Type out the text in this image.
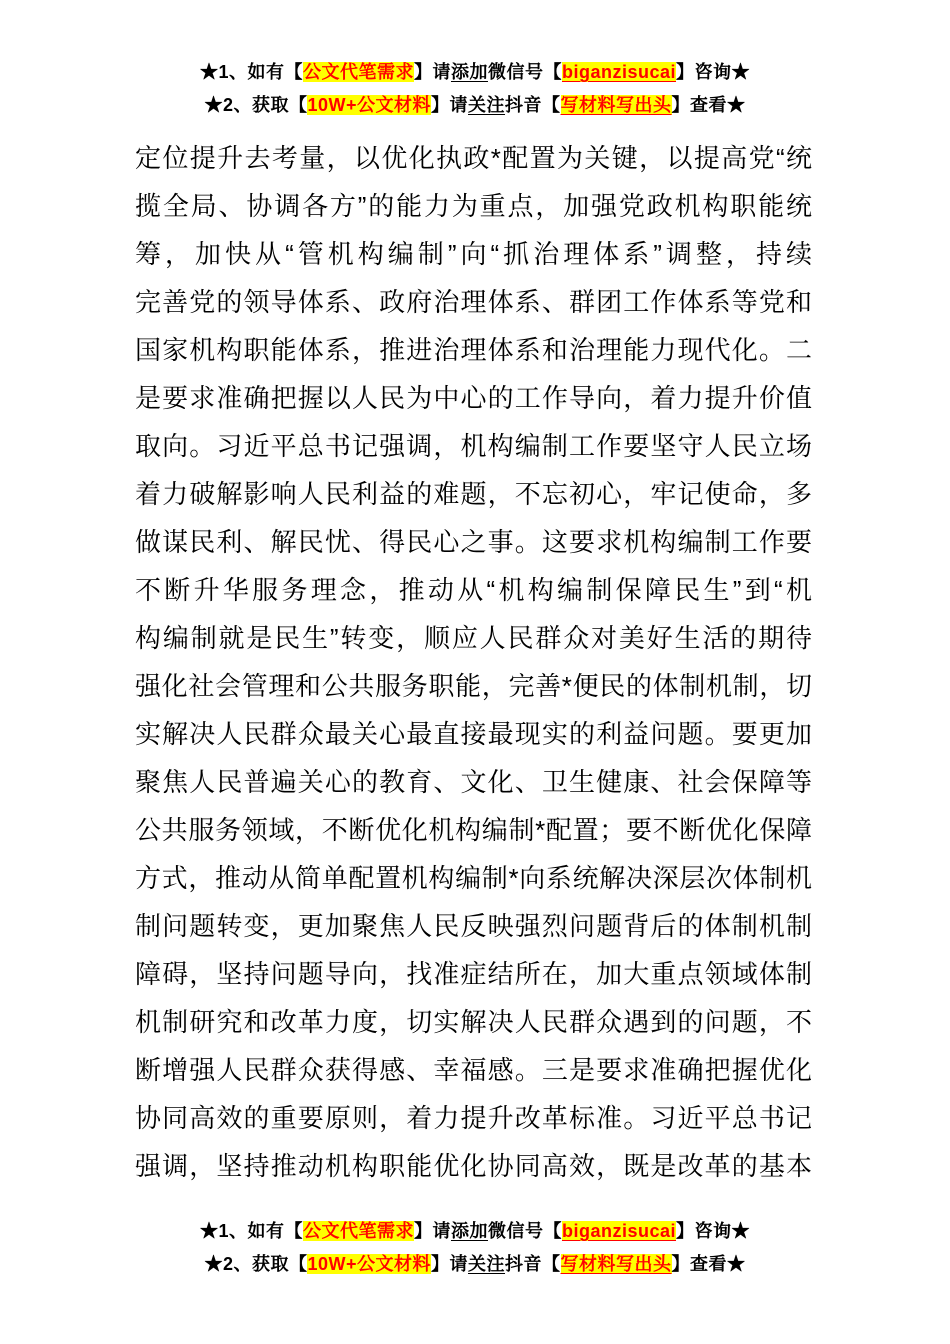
★1、如有【公文代笔需求】请添加微信号【biganzisucai】咨询★
★2、获取【10W+公文材料】请关注抖音【写材料写出头】查看★
定位提升去考量，以优化执政*配置为关键，以提高党“统
揽全局、协调各方”的能力为重点，加强党政机构职能统
筹，加快从“管机构编制”向“抓治理体系”调整，持续
完善党的领导体系、政府治理体系、群团工作体系等党和
国家机构职能体系，推进治理体系和治理能力现代化。二
是要求准确把握以人民为中心的工作导向，着力提升价值
取向。习近平总书记强调，机构编制工作要坚守人民立场
着力破解影响人民利益的难题，不忘初心，牢记使命，多
做谋民利、解民忧、得民心之事。这要求机构编制工作要
不断升华服务理念，推动从“机构编制保障民生”到“机
构编制就是民生”转变，顺应人民群众对美好生活的期待
强化社会管理和公共服务职能，完善*便民的体制机制，切
实解决人民群众最关心最直接最现实的利益问题。要更加
聚焦人民普遍关心的教育、文化、卫生健康、社会保障等
公共服务领域，不断优化机构编制*配置；要不断优化保障
方式，推动从简单配置机构编制*向系统解决深层次体制机
制问题转变，更加聚焦人民反映强烈问题背后的体制机制
障碍，坚持问题导向，找准症结所在，加大重点领域体制
机制研究和改革力度，切实解决人民群众遇到的问题，不
断增强人民群众获得感、幸福感。三是要求准确把握优化
协同高效的重要原则，着力提升改革标准。习近平总书记
强调，坚持推动机构职能优化协同高效，既是改革的基本
★1、如有【公文代笔需求】请添加微信号【biganzisucai】咨询★
★2、获取【10W+公文材料】请关注抖音【写材料写出头】查看★
